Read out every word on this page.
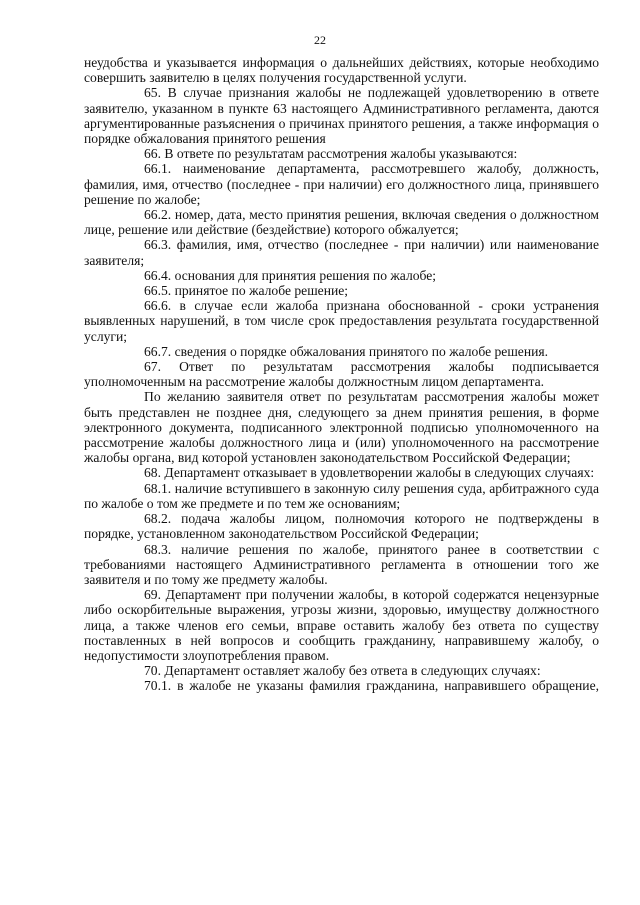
22

неудобства и указывается информация о дальнейших действиях, которые необходимо совершить заявителю в целях получения государственной услуги.

65. В случае признания жалобы не подлежащей удовлетворению в ответе заявителю, указанном в пункте 63 настоящего Административного регламента, даются аргументированные разъяснения о причинах принятого решения, а также информация о порядке обжалования принятого решения

66. В ответе по результатам рассмотрения жалобы указываются:

66.1. наименование департамента, рассмотревшего жалобу, должность, фамилия, имя, отчество (последнее - при наличии) его должностного лица, принявшего решение по жалобе;

66.2. номер, дата, место принятия решения, включая сведения о должностном лице, решение или действие (бездействие) которого обжалуется;

66.3. фамилия, имя, отчество (последнее - при наличии) или наименование заявителя;

66.4. основания для принятия решения по жалобе;

66.5. принятое по жалобе решение;

66.6. в случае если жалоба признана обоснованной - сроки устранения выявленных нарушений, в том числе срок предоставления результата государственной услуги;

66.7. сведения о порядке обжалования принятого по жалобе решения.

67. Ответ по результатам рассмотрения жалобы подписывается уполномоченным на рассмотрение жалобы должностным лицом департамента.

По желанию заявителя ответ по результатам рассмотрения жалобы может быть представлен не позднее дня, следующего за днем принятия решения, в форме электронного документа, подписанного электронной подписью уполномоченного на рассмотрение жалобы должностного лица и (или) уполномоченного на рассмотрение жалобы органа, вид которой установлен законодательством Российской Федерации;

68. Департамент отказывает в удовлетворении жалобы в следующих случаях:

68.1. наличие вступившего в законную силу решения суда, арбитражного суда по жалобе о том же предмете и по тем же основаниям;

68.2. подача жалобы лицом, полномочия которого не подтверждены в порядке, установленном законодательством Российской Федерации;

68.3. наличие решения по жалобе, принятого ранее в соответствии с требованиями настоящего Административного регламента в отношении того же заявителя и по тому же предмету жалобы.

69. Департамент при получении жалобы, в которой содержатся нецензурные либо оскорбительные выражения, угрозы жизни, здоровью, имуществу должностного лица, а также членов его семьи, вправе оставить жалобу без ответа по существу поставленных в ней вопросов и сообщить гражданину, направившему жалобу, о недопустимости злоупотребления правом.

70. Департамент оставляет жалобу без ответа в следующих случаях:

70.1. в жалобе не указаны фамилия гражданина, направившего обращение,
